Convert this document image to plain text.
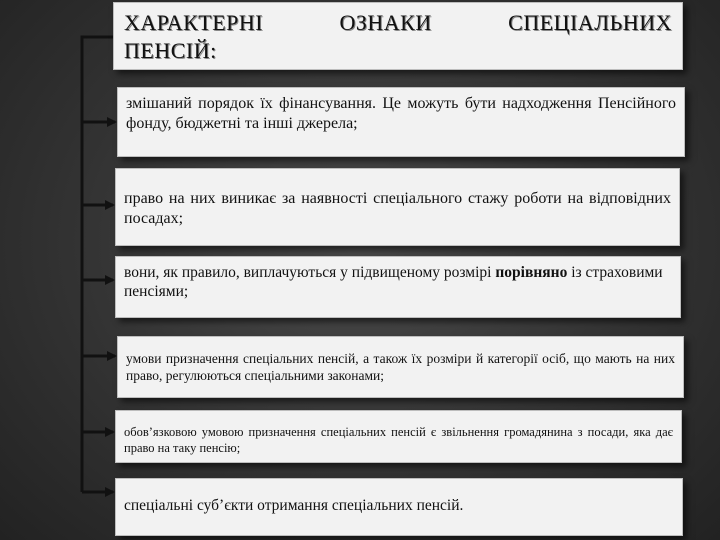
ХАРАКТЕРНІ	ОЗНАКИ	СПЕЦІАЛЬНИХ
ПЕНСІЙ:
змішаний порядок їх фінансування. Це можуть бути надходження Пенсійного фонду, бюджетні та інші джерела;
право на них виникає за наявності спеціального стажу роботи на відповідних посадах;
вони, як правило, виплачуються у підвищеному розмірі порівняно із страховими пенсіями;
умови призначення спеціальних пенсій, а також їх розміри й категорії осіб, що мають на них право, регулюються спеціальними законами;
обов’язковою умовою призначення спеціальних пенсій є звільнення громадянина з посади, яка дає право на таку пенсію;
спеціальні суб’єкти отримання спеціальних пенсій.
